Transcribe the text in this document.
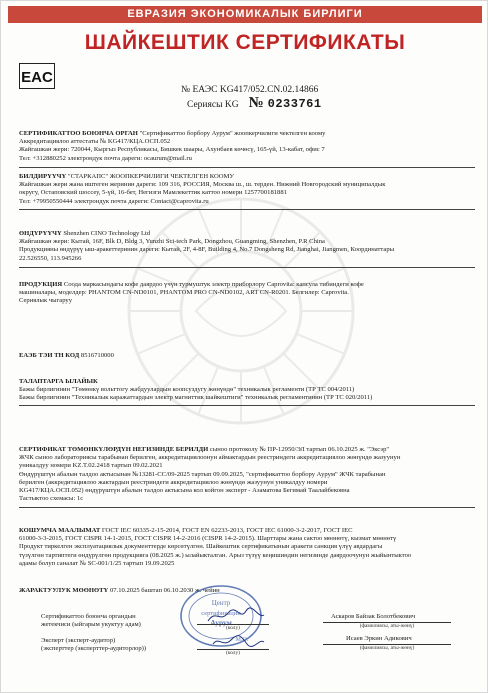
ЕВРАЗИЯ ЭКОНОМИКАЛЫК БИРЛИГИ
ШАЙКЕШТИК СЕРТИФИКАТЫ
EAC
№ ЕАЭС KG417/052.CN.02.14866
Сериясы KG № 0233761
СЕРТИФИКАТТОО БОЮНЧА ОРГАН "Сертификаттоо борбору Аурум" жоопкерчилиги чектелген коому
Аккредитациялоо аттестаты № KG417/КЦА.ОСП.052
Жайгашкан жери: 720044, Кыргыз Республикасы, Бишкек шаары, Ахунбаев көчөсү, 165-үй, 13-кабат, офис 7
Тел: +312880252 электрондук почта дареги: ocaurum@mail.ru
БИЛДИРҮҮЧҮ "СТАРКАПС" ЖООПКЕРЧИЛИГИ ЧЕКТЕЛГЕН КООМУ
Жайгашкан жери жана иштеген жеринин дареги: 109 316, РОССИЯ, Москва ш., ш. терден. Нижний Новгородский муниципалдык
округу, Остаповский шоссеу, 5-үй, 16-бет, Негизги Мамлекеттик каттоо номери 1257700181881
Тел: +79950550444 электрондук почта дареги: Contact@caprovita.ru
ӨНДҮРҮҮЧҮ Shenzhen CINO Technology Ltd
Жайгашкан жери: Кытай, 16F, Blk D, Bldg 3, Yunzhi Sci-tech Park, Dongzhou, Guangming, Shenzhen, P.R China
Продукцияны өндүрүү ыш-аракеттеринин дареги: Кытай, 2F, 4-8F, Building 4, No.7 Dongsheng Rd, Jianghai, Jiangmen, Координаттары
22.526550, 113.945266
ПРОДУКЦИЯ Соода маркасындагы кофе даярдоо үчүн турмуштук электр приборлору Caprovita: капсула тибиндеги кофе
машиналары, моделдер: PHANTOM CN-ND0101, PHANTOM PRO CN-ND0102, ART CN-R0201. Белгилер: Caprovita.
Сериялык чыгаруу
ЕАЭБ ТЭИ ТН КОД 8516710000
ТАЛАПТАРГА ЫЛАЙЫК
Бажы бирлигинин "Төмөнкү вольттогу жабдуулардын коопсуздугу жөнүндө" техникалык регламенти (ТР ТС 004/2011)
Бажы бирлигинин "Техникалык каражаттардын электр магниттик шайкештиги" техникалык регламентинин (ТР ТС 020/2011)
СЕРТИФИКАТ ТӨМӨНКҮЛӨРДҮН НЕГИЗИНДЕ БЕРИЛДИ сыноо протоколу № ПР-12950/ЭЛ тартып 06.10.2025 ж. "Эксэр"
ЖЧК сыноо лабораториясы тарабынан берилген, аккредитациялоонун аймактардын реестриндеги аккредитациялоо жөнүндө жазуунун
уникалдуу номери KZ.T.02.2418 тартып 09.02.2021
Өндүрүштүн абалын талдоо актысынан №13281-СС/09-2025 тартып 09.09.2025, "сертификаттоо борбору Аурум" ЖЧК тарабынан
берилген (аккредитациялоо жактардын реестриндеги аккредитациялоо жөнүндө жазуунун уникалдуу номери
KG417/КЦА.ОСП.052) өндүрүштүн абалын талдоо актысына кол койгон эксперт - Азаматова Бегимай Таалайбековна
Тастыктоо схемасы: 1с
КОШУМЧА МААЛЫМАТ ГОСТ IEC 60335-2-15-2014, ГОСТ EN 62233-2013, ГОСТ IEC 61000-3-2-2017, ГОСТ IEC
61000-3-3-2015, ГОСТ CISPR 14-1-2015, ГОСТ CISPR 14-2-2016 (CISPR 14-2-2015). Шарттары жана сактоо мөөнөтү, кызмат мөөнөтү
Продукт тиркелген эксплуатациялык документтерде көрсөтүлгөн. Шайкештик сертификатынын аракети санкция үлүү авдардагы
түзүлгөн тартиптеги өндүрүлгөн продукцияга (08.2025 ж.) ылайыкталган. Арыз түзүү кеңишиндин негизинде даярдоочунун жыйынтыктоо
адамы болуп саналат № SC-001/1/25 тартып 19.09.2025
ЖАРАКТУУЛУК МӨӨНӨТҮ 07.10.2025 баштап 06.10.2030 ж. чейин
Центр
сертификации
Аурум
М.О.
Сертификаттоо боюнча органдын
жетекчиси (ыйгарым укуктуу адам)
Эксперт (эксперт-аудитор)
(эксперттер (эксперттер-аудиторлор))
(колу)
Аскаров Байзак Болотбекович
(фамилиясы, аты-жөнү)
(колу)
Исаев Эркин Адикович
(фамилиясы, аты-жөнү)
